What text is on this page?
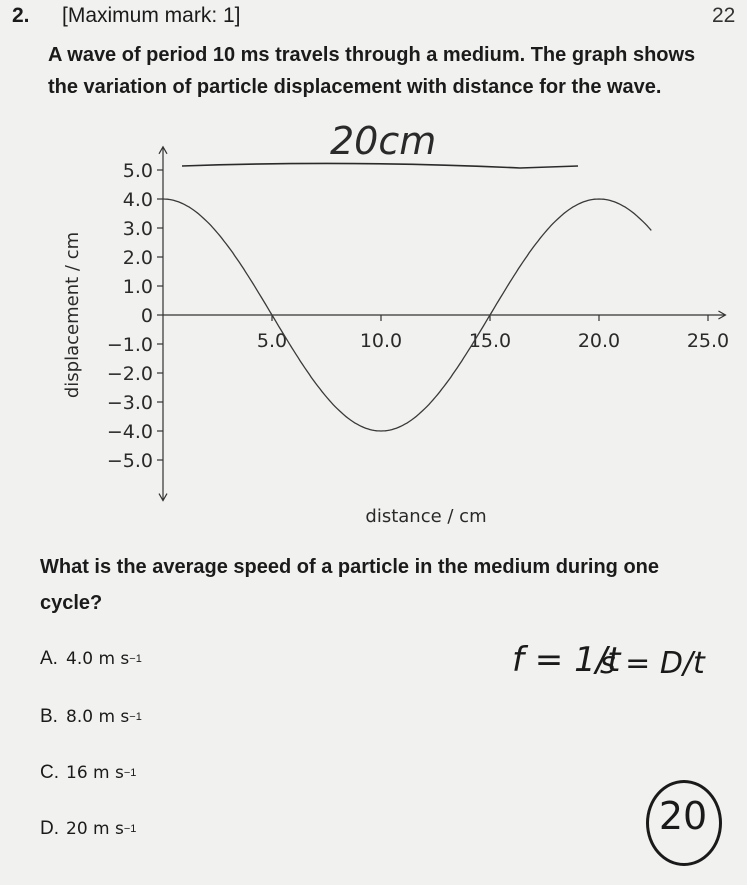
2. [Maximum mark: 1]	22
A wave of period 10 ms travels through a medium. The graph shows
the variation of particle displacement with distance for the wave.
5.0
4.0
3.0
2.0
1.0
0
−1.0
−2.0
−3.0
−4.0
−5.0
5.0	10.0	15.0	20.0	25.0
displacement / cm
distance / cm
20cm
What is the average speed of a particle in the medium during one
cycle?
A. 4.0 m s −1
B. 8.0 m s −1
C. 16 m s −1
D. 20 m s −1
f = 1/t
s = D/t
20
